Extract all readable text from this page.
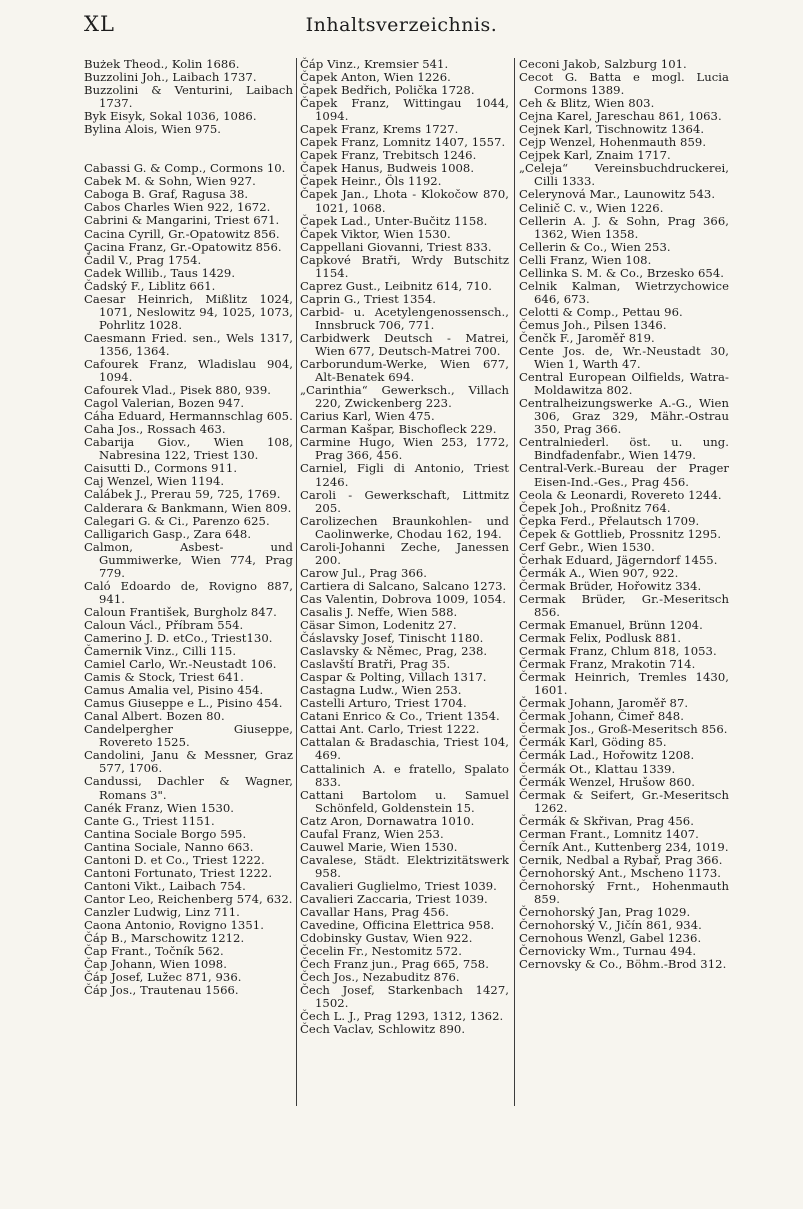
XL	Inhaltsverzeichnis.
Bużek Theod., Kolin 1686.
Buzzolini Joh., Laibach 1737.
Buzzolini & Venturini, Laibach 1737.
Byk Eisyk, Sokal 1036, 1086.
Bylina Alois, Wien 975.
Cabassi G. & Comp., Cormons 10.
Cabek M. & Sohn, Wien 927.
Caboga B. Graf, Ragusa 38.
Cabos Charles Wien 922, 1672.
Cabrini & Mangarini, Triest 671.
Cacina Cyrill, Gr.-Opatowitz 856.
Çacina Franz, Gr.-Opatowitz 856.
Čadil V., Prag 1754.
Cadek Willib., Taus 1429.
Čadský F., Liblitz 661.
Caesar Heinrich, Mißlitz 1024, 1071, Neslowitz 94, 1025, 1073, Pohrlitz 1028.
Caesmann Fried. sen., Wels 1317, 1356, 1364.
Cafourek Franz, Wladislau 904, 1094.
Cafourek Vlad., Pisek 880, 939.
Cagol Valerian, Bozen 947.
Cáha Eduard, Hermannschlag 605.
Caha Jos., Rossach 463.
Cabarija Giov., Wien 108, Nabresina 122, Triest 130.
Caisutti D., Cormons 911.
Caj Wenzel, Wien 1194.
Calábek J., Prerau 59, 725, 1769.
Calderara & Bankmann, Wien 809.
Calegari G. & Ci., Parenzo 625.
Calligarich Gasp., Zara 648.
Calmon, Asbest- und Gummiwerke, Wien 774, Prag 779.
Caló Edoardo de, Rovigno 887, 941.
Caloun František, Burgholz 847.
Caloun Václ., Příbram 554.
Camerino J. D. etCo., Triest130.
Čamernik Vinz., Cilli 115.
Camiel Carlo, Wr.-Neustadt 106.
Camis & Stock, Triest 641.
Camus Amalia vel, Pisino 454.
Camus Giuseppe e L., Pisino 454.
Canal Albert. Bozen 80.
Candelpergher Giuseppe, Rovereto 1525.
Candolini, Janu & Messner, Graz 577, 1706.
Candussi, Dachler & Wagner, Romans 3".
Canék Franz, Wien 1530.
Cante G., Triest 1151.
Cantina Sociale Borgo 595.
Cantina Sociale, Nanno 663.
Cantoni D. et Co., Triest 1222.
Cantoni Fortunato, Triest 1222.
Cantoni Vikt., Laibach 754.
Cantor Leo, Reichenberg 574, 632.
Canzler Ludwig, Linz 711.
Caona Antonio, Rovigno 1351.
Čáp B., Marschowitz 1212.
Čap Frant., Točník 562.
Čap Johann, Wien 1098.
Čáp Josef, Lužec 871, 936.
Čáp Jos., Trautenau 1566.
Čáp Vinz., Kremsier 541.
Čapek Anton, Wien 1226.
Čapek Bedřich, Polička 1728.
Čapek Franz, Wittingau 1044, 1094.
Capek Franz, Krems 1727.
Capek Franz, Lomnitz 1407, 1557.
Capek Franz, Trebitsch 1246.
Čapek Hanus, Budweis 1008.
Čapek Heinr., Öls 1192.
Čapek Jan., Lhota - Klokočow 870, 1021, 1068.
Čapek Lad., Unter-Bučitz 1158.
Čapek Viktor, Wien 1530.
Cappellani Giovanni, Triest 833.
Capkové Bratři, Wrdy Butschitz 1154.
Caprez Gust., Leibnitz 614, 710.
Caprin G., Triest 1354.
Carbid- u. Acetylengenossensch., Innsbruck 706, 771.
Carbidwerk Deutsch - Matrei, Wien 677, Deutsch-Matrei 700.
Carborundum-Werke, Wien 677, Alt-Benatek 694.
„Carinthia“ Gewerksch., Villach 220, Zwickenberg 223.
Carius Karl, Wien 475.
Carman Kašpar, Bischofleck 229.
Carmine Hugo, Wien 253, 1772, Prag 366, 456.
Carniel, Figli di Antonio, Triest 1246.
Caroli - Gewerkschaft, Littmitz 205.
Carolizechen Braunkohlen- und Caolinwerke, Chodau 162, 194.
Caroli-Johanni Zeche, Janessen 200.
Carow Jul., Prag 366.
Cartiera di Salcano, Salcano 1273.
Cas Valentin, Dobrova 1009, 1054.
Casalis J. Neffe, Wien 588.
Cäsar Simon, Lodenitz 27.
Čáslavsky Josef, Tinischt 1180.
Caslavsky & Němec, Prag, 238.
Caslavští Bratři, Prag 35.
Caspar & Polting, Villach 1317.
Castagna Ludw., Wien 253.
Castelli Arturo, Triest 1704.
Catani Enrico & Co., Trient 1354.
Cattai Ant. Carlo, Triest 1222.
Cattalan & Bradaschia, Triest 104, 469.
Cattalinich A. e fratello, Spalato 833.
Cattani Bartolom u. Samuel Schönfeld, Goldenstein 15.
Catz Aron, Dornawatra 1010.
Caufal Franz, Wien 253.
Cauwel Marie, Wien 1530.
Cavalese, Städt. Elektrizitätswerk 958.
Cavalieri Guglielmo, Triest 1039.
Cavalieri Zaccaria, Triest 1039.
Cavallar Hans, Prag 456.
Cavedine, Officina Elettrica 958.
Cdobinsky Gustav, Wien 922.
Čecelin Fr., Nestomitz 572.
Čech Franz jun., Prag 665, 758.
Čech Jos., Nezabuditz 876.
Čech Josef, Starkenbach 1427, 1502.
Čech L. J., Prag 1293, 1312, 1362.
Čech Vaclav, Schlowitz 890.
Ceconi Jakob, Salzburg 101.
Cecot G. Batta e mogl. Lucia Cormons 1389.
Ceh & Blitz, Wien 803.
Cejna Karel, Jareschau 861, 1063.
Cejnek Karl, Tischnowitz 1364.
Cejp Wenzel, Hohenmauth 859.
Cejpek Karl, Znaim 1717.
„Celeja“ Vereinsbuchdruckerei, Cilli 1333.
Celerynová Mar., Launowitz 543.
Celinič C. v., Wien 1226.
Cellerin A. J. & Sohn, Prag 366, 1362, Wien 1358.
Cellerin & Co., Wien 253.
Celli Franz, Wien 108.
Cellinka S. M. & Co., Brzesko 654.
Celnik Kalman, Wietrzychowice 646, 673.
Celotti & Comp., Pettau 96.
Čemus Joh., Pilsen 1346.
Čenčk F., Jaroměř 819.
Cente Jos. de, Wr.-Neustadt 30, Wien 1, Warth 47.
Central European Oilfields, Watra-Moldawitza 802.
Centralheizungswerke A.-G., Wien 306, Graz 329, Mähr.-Ostrau 350, Prag 366.
Centralniederl. öst. u. ung. Bindfadenfabr., Wien 1479.
Central-Verk.-Bureau der Prager Eisen-Ind.-Ges., Prag 456.
Ceola & Leonardi, Rovereto 1244.
Čepek Joh., Proßnitz 764.
Čepka Ferd., Přelautsch 1709.
Čepek & Gottlieb, Prossnitz 1295.
Cerf Gebr., Wien 1530.
Čerhak Eduard, Jägerndorf 1455.
Čermák A., Wien 907, 922.
Čermak Brüder, Hořowitz 334.
Cermak Brüder, Gr.-Meseritsch 856.
Cermak Emanuel, Brünn 1204.
Cermak Felix, Podlusk 881.
Cermak Franz, Chlum 818, 1053.
Čermak Franz, Mrakotin 714.
Čermak Heinrich, Tremles 1430, 1601.
Čermak Johann, Jaroměř 87.
Čermak Johann, Čimeř 848.
Čermak Jos., Groß-Meseritsch 856.
Čermák Karl, Göding 85.
Čermák Lad., Hořowitz 1208.
Čermák Ot., Klattau 1339.
Čermák Wenzel, Hrušow 860.
Čermak & Seifert, Gr.-Meseritsch 1262.
Čermák & Skřivan, Prag 456.
Cerman Frant., Lomnitz 1407.
Černík Ant., Kuttenberg 234, 1019.
Cernik, Nedbal a Rybař, Prag 366.
Černohorský Ant., Mscheno 1173.
Černohorský Frnt., Hohenmauth 859.
Černohorský Jan, Prag 1029.
Černohorský V., Jičín 861, 934.
Cernohous Wenzl, Gabel 1236.
Černovicky Wm., Turnau 494.
Cernovsky & Co., Böhm.-Brod 312.
